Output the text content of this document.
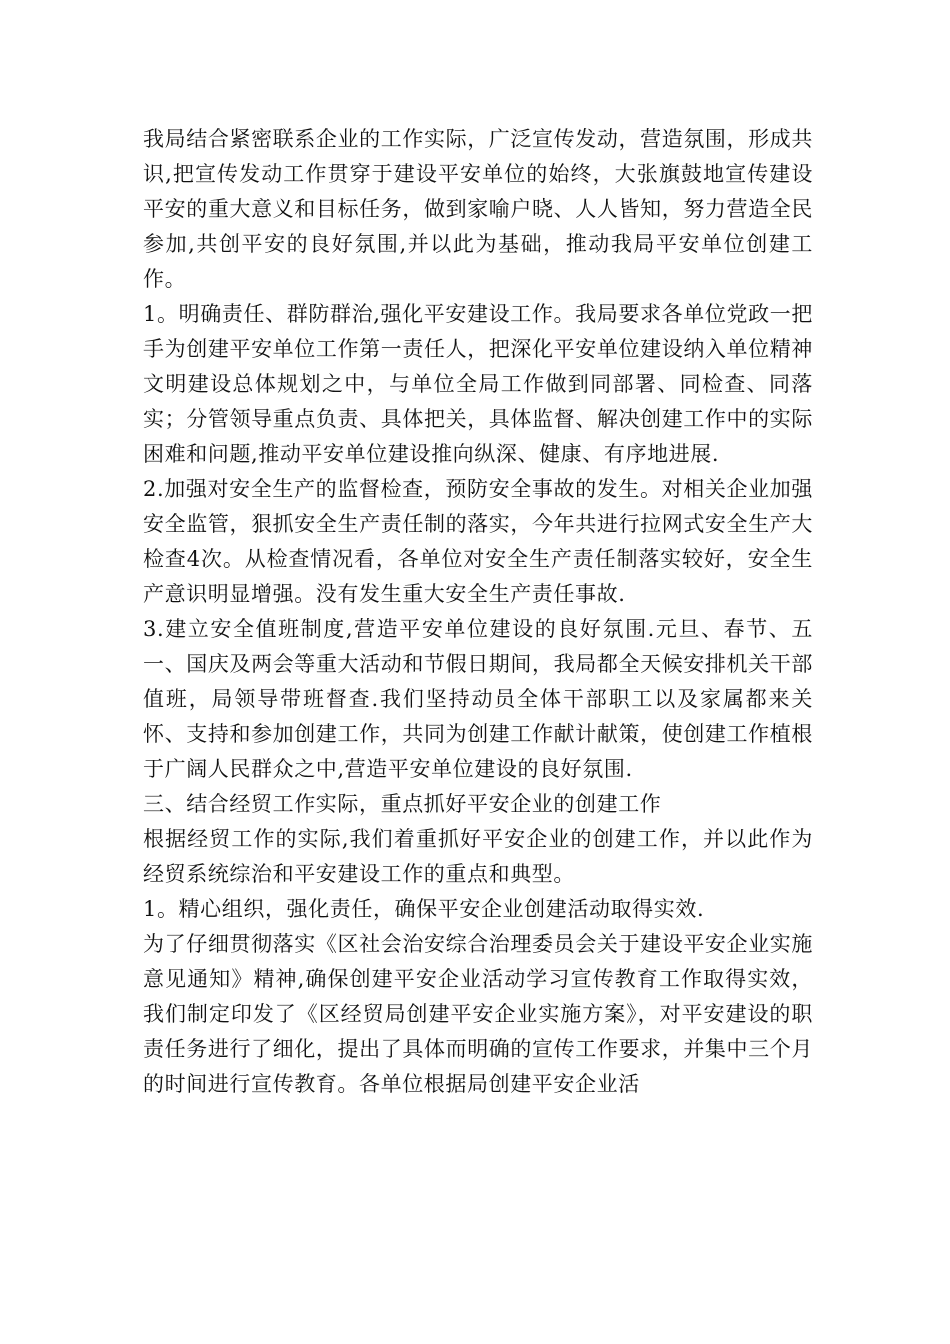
我局结合紧密联系企业的工作实际，广泛宣传发动，营造氛围，形成共识,把宣传发动工作贯穿于建设平安单位的始终，大张旗鼓地宣传建设平安的重大意义和目标任务，做到家喻户晓、人人皆知，努力营造全民参加,共创平安的良好氛围,并以此为基础，推动我局平安单位创建工作。

1。明确责任、群防群治,强化平安建设工作。我局要求各单位党政一把手为创建平安单位工作第一责任人，把深化平安单位建设纳入单位精神文明建设总体规划之中，与单位全局工作做到同部署、同检查、同落实；分管领导重点负责、具体把关，具体监督、解决创建工作中的实际困难和问题,推动平安单位建设推向纵深、健康、有序地进展.

2.加强对安全生产的监督检查，预防安全事故的发生。对相关企业加强安全监管，狠抓安全生产责任制的落实，今年共进行拉网式安全生产大检查4次。从检查情况看，各单位对安全生产责任制落实较好，安全生产意识明显增强。没有发生重大安全生产责任事故.

3.建立安全值班制度,营造平安单位建设的良好氛围.元旦、春节、五一、国庆及两会等重大活动和节假日期间，我局都全天候安排机关干部值班，局领导带班督查.我们坚持动员全体干部职工以及家属都来关怀、支持和参加创建工作，共同为创建工作献计献策，使创建工作植根于广阔人民群众之中,营造平安单位建设的良好氛围.

三、结合经贸工作实际，重点抓好平安企业的创建工作

根据经贸工作的实际,我们着重抓好平安企业的创建工作，并以此作为经贸系统综治和平安建设工作的重点和典型。

1。精心组织，强化责任，确保平安企业创建活动取得实效.

为了仔细贯彻落实《区社会治安综合治理委员会关于建设平安企业实施意见通知》精神,确保创建平安企业活动学习宣传教育工作取得实效，我们制定印发了《区经贸局创建平安企业实施方案》，对平安建设的职责任务进行了细化，提出了具体而明确的宣传工作要求，并集中三个月的时间进行宣传教育。各单位根据局创建平安企业活
